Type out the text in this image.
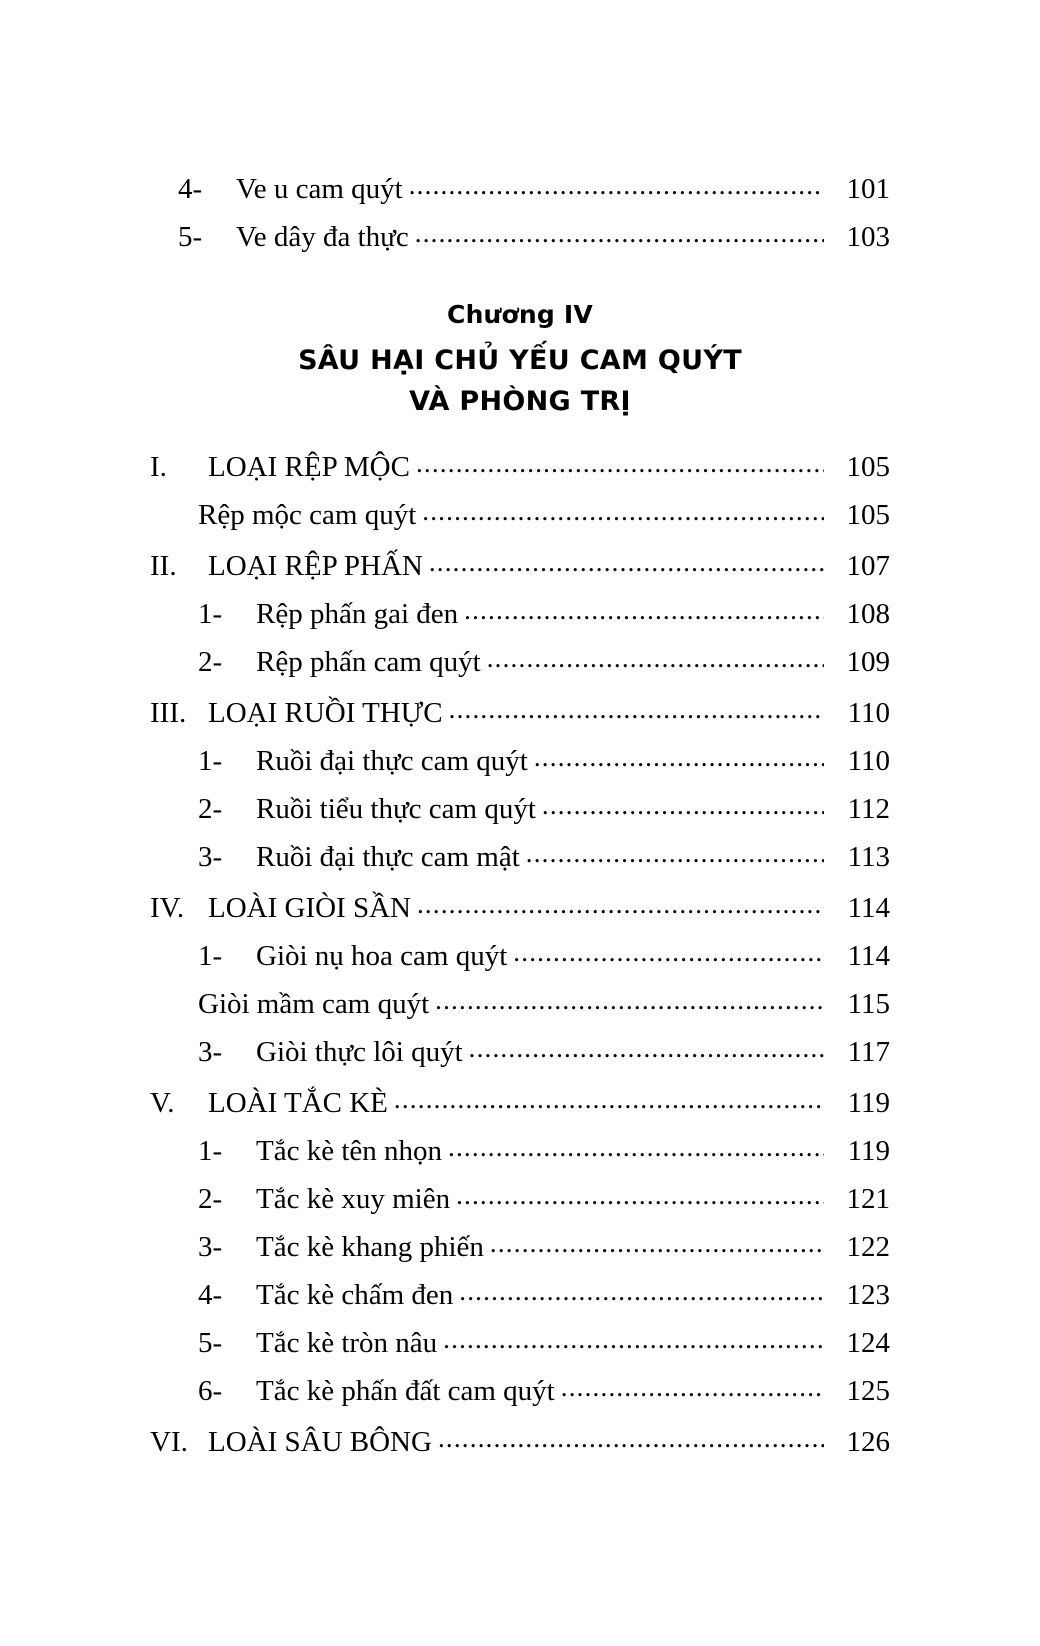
4-	Ve u cam quýt .....	101
5-	Ve dây đa thực .....	103
Chương IV
SÂU HẠI CHỦ YẾU CAM QUÝT
VÀ PHÒNG TRỊ
I.	LOẠI RỆP MỘC .....	105
Rệp mộc cam quýt .....	105
II.	LOẠI RỆP PHẤN .....	107
1-	Rệp phấn gai đen .....	108
2-	Rệp phấn cam quýt .....	109
III. LOẠI RUỒI THỰC .....	110
1-	Ruồi đại thực cam quýt .....	110
2-	Ruồi tiểu thực cam quýt .....	112
3-	Ruồi đại thực cam mật .....	113
IV. LOÀI GIÒI SẦN .....	114
1-	Giòi nụ hoa cam quýt .....	114
Giòi mầm cam quýt .....	115
3-	Giòi thực lôi quýt .....	117
V.	LOÀI TẮC KÈ .....	119
1-	Tắc kè tên nhọn .....	119
2-	Tắc kè xuy miên .....	121
3-	Tắc kè khang phiến .....	122
4-	Tắc kè chấm đen .....	123
5-	Tắc kè tròn nâu .....	124
6-	Tắc kè phấn đất cam quýt .....	125
VI. LOÀI SÂU BÔNG .....	126
